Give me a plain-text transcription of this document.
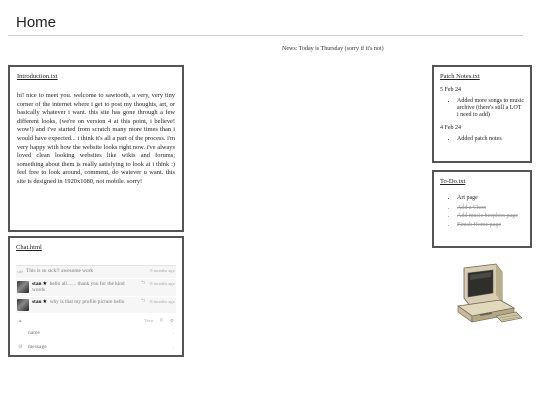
Home
News: Today is Thursday (sorry if it's not)
Introduction.txt

hi! nice to meet you. welcome to sawtooth, a very, very tiny corner of the internet where i get to post my thoughts, art, or basically whatever i want. this site has gone through a few different looks, (we're on version 4 at this point, i believe! wow!) and i've started from scratch many more times than i would have expected... i think it's all a part of the process. i'm very happy with how the website looks right now. i've always loved clean looking websites like wikis and forums; something about them is really satisfying to look at i think :) feel free to look around, comment, do watever u want. this site is designed in 1920x1080, not mobile. sorry!

Chat.html
site This is so sick!! awesome work	8 months ago
stan★ hello all....... thank you for the kind words
⮌ 8 months ago
stan★ why is that my profile picture hello	⮌ 8 months ago
▲	View ⇱ ⚙
name
›
⚙
message	›
Patch Notes.txt
5 Feb 24
• Added more songs to music archive (there's still a LOT i need to add)
4 Feb 24
• Added patch notes
To-Do.txt
• Art page
• Add a Chox
• Add music beepbox page
• Finish Home page
